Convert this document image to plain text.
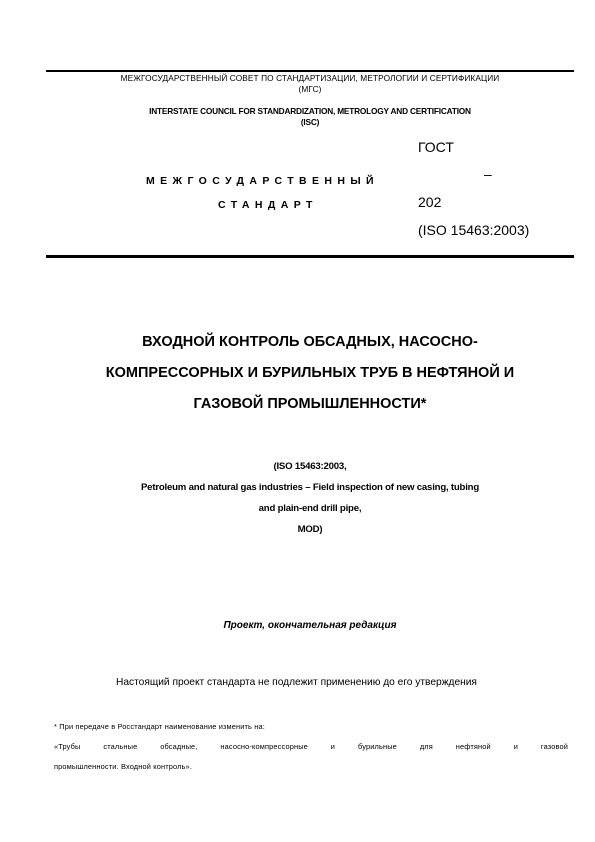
МЕЖГОСУДАРСТВЕННЫЙ СОВЕТ ПО СТАНДАРТИЗАЦИИ, МЕТРОЛОГИИ И СЕРТИФИКАЦИИ
(МГС)
INTERSTATE COUNCIL FOR STANDARDIZATION, METROLOGY AND CERTIFICATION
(ISC)
МЕЖГОСУДАРСТВЕННЫЙ
СТАНДАРТ
ГОСТ
–
202
(ISO 15463:2003)
ВХОДНОЙ КОНТРОЛЬ ОБСАДНЫХ, НАСОСНО-
КОМПРЕССОРНЫХ И БУРИЛЬНЫХ ТРУБ В НЕФТЯНОЙ И
ГАЗОВОЙ ПРОМЫШЛЕННОСТИ*
(ISO 15463:2003,
Petroleum and natural gas industries – Field inspection of new casing, tubing
and plain-end drill pipe,
MOD)
Проект, окончательная редакция
Настоящий проект стандарта не подлежит применению до его утверждения
* При передаче в Росстандарт наименование изменить на:
«Трубы стальные обсадные, насосно-компрессорные и бурильные для нефтяной и газовой
промышленности. Входной контроль».
